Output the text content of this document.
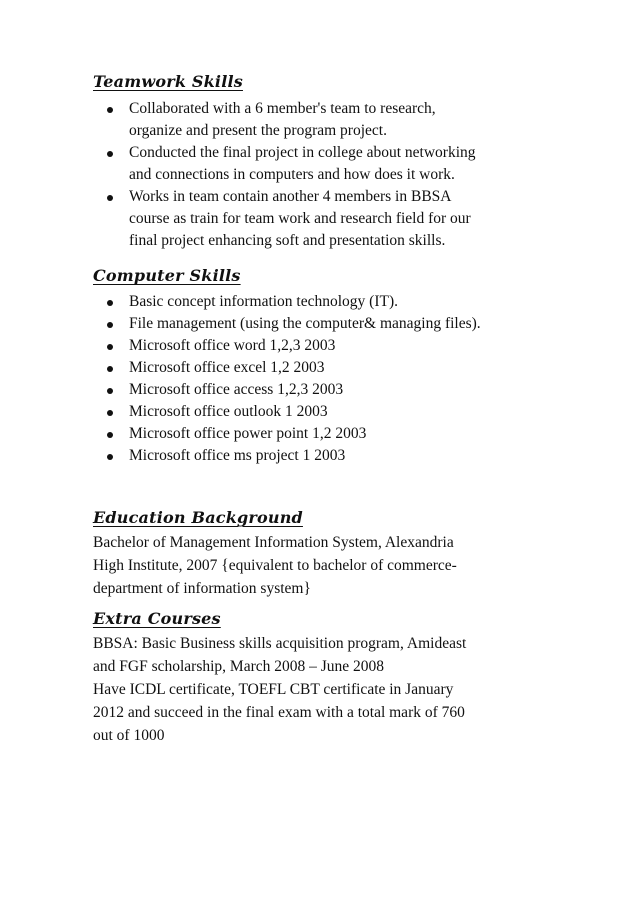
Teamwork Skills
Collaborated with a 6 member's team to research,
organize and present the program project.
Conducted the final project in college about networking
and connections in computers and how does it work.
Works in team contain another 4 members in BBSA
course as train for team work and research field for our
final project enhancing soft and presentation skills.
Computer Skills
Basic concept information technology (IT).
File management (using the computer& managing files).
Microsoft office word 1,2,3 2003
Microsoft office excel 1,2 2003
Microsoft office access 1,2,3 2003
Microsoft office outlook 1 2003
Microsoft office power point 1,2 2003
Microsoft office ms project 1 2003
Education Background
Bachelor of Management Information System, Alexandria
High Institute, 2007 {equivalent to bachelor of commerce-
department of information system}
Extra Courses
BBSA: Basic Business skills acquisition program, Amideast
and FGF scholarship, March 2008 – June 2008
Have ICDL certificate, TOEFL CBT certificate in January
2012 and succeed in the final exam with a total mark of 760
out of 1000
